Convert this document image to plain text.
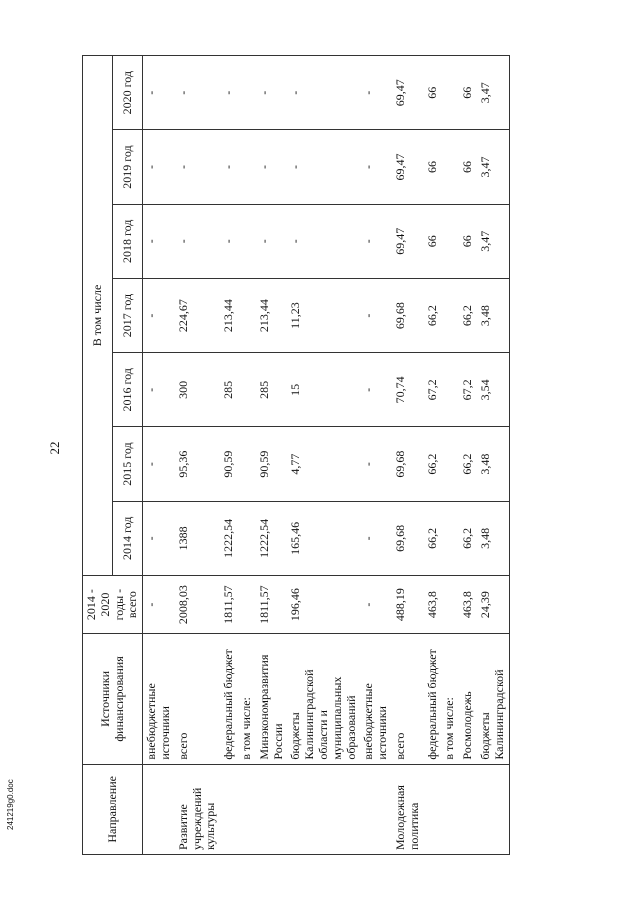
22
Направление	Источники финансирования	2014 - 2020 годы - всего	В том числе						
			2014 год	2015 год	2016 год	2017 год	2018 год	2019 год	2020 год
	внебюджетные источники	-	-	-	-	-	-	-	-
Развитие учреждений культуры	всего	2008,03	1388	95,36	300	224,67	-	-	-
	федеральный бюджет	1811,57	1222,54	90,59	285	213,44	-	-	-
	в том числе:								
	Минэкономразвития России	1811,57	1222,54	90,59	285	213,44	-	-	-
	бюджеты Калининградской области и муниципальных образований	196,46	165,46	4,77	15	11,23	-	-	-
	внебюджетные источники	-	-	-	-	-	-	-	-
Молодежная политика	всего	488,19	69,68	69,68	70,74	69,68	69,47	69,47	69,47
	федеральный бюджет	463,8	66,2	66,2	67,2	66,2	66	66	66
	в том числе:								
	Росмолодежь	463,8	66,2	66,2	67,2	66,2	66	66	66
	бюджеты Калининградской	24,39	3,48	3,48	3,54	3,48	3,47	3,47	3,47
241219g0.doc
